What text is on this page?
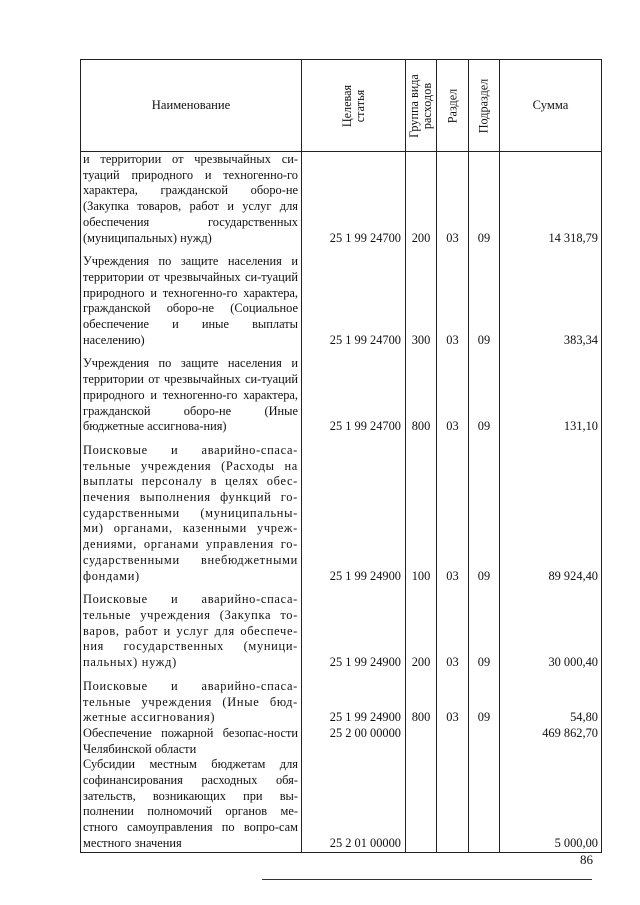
Наименование	Целевая статья	Группа вида расходов	Раздел	Подраздел	Сумма
и территории от чрезвычайных си-туаций природного и техногенно-го характера, гражданской оборо-не (Закупка товаров, работ и услуг для обеспечения государственных (муниципальных) нужд)	25 1 99 24700	200	03	09	14 318,79
Учреждения по защите населения и территории от чрезвычайных си-туаций природного и техногенно-го характера, гражданской оборо-не (Социальное обеспечение и иные выплаты населению)	25 1 99 24700	300	03	09	383,34
Учреждения по защите населения и территории от чрезвычайных си-туаций природного и техногенно-го характера, гражданской оборо-не (Иные бюджетные ассигнова-ния)	25 1 99 24700	800	03	09	131,10
Поисковые и аварийно-спаса-тельные учреждения (Расходы на выплаты персоналу в целях обес-печения выполнения функций го-сударственными (муниципальны-ми) органами, казенными учреж-дениями, органами управления го-сударственными внебюджетными фондами)	25 1 99 24900	100	03	09	89 924,40
Поисковые и аварийно-спаса-тельные учреждения (Закупка то-варов, работ и услуг для обеспече-ния государственных (муници-пальных) нужд)	25 1 99 24900	200	03	09	30 000,40
Поисковые и аварийно-спаса-тельные учреждения (Иные бюд-жетные ассигнования)	25 1 99 24900	800	03	09	54,80
Обеспечение пожарной безопас-ности Челябинской области	25 2 00 00000				469 862,70
Субсидии местным бюджетам для софинансирования расходных обя-зательств, возникающих при вы-полнении полномочий органов ме-стного самоуправления по вопро-сам местного значения	25 2 01 00000				5 000,00
86
